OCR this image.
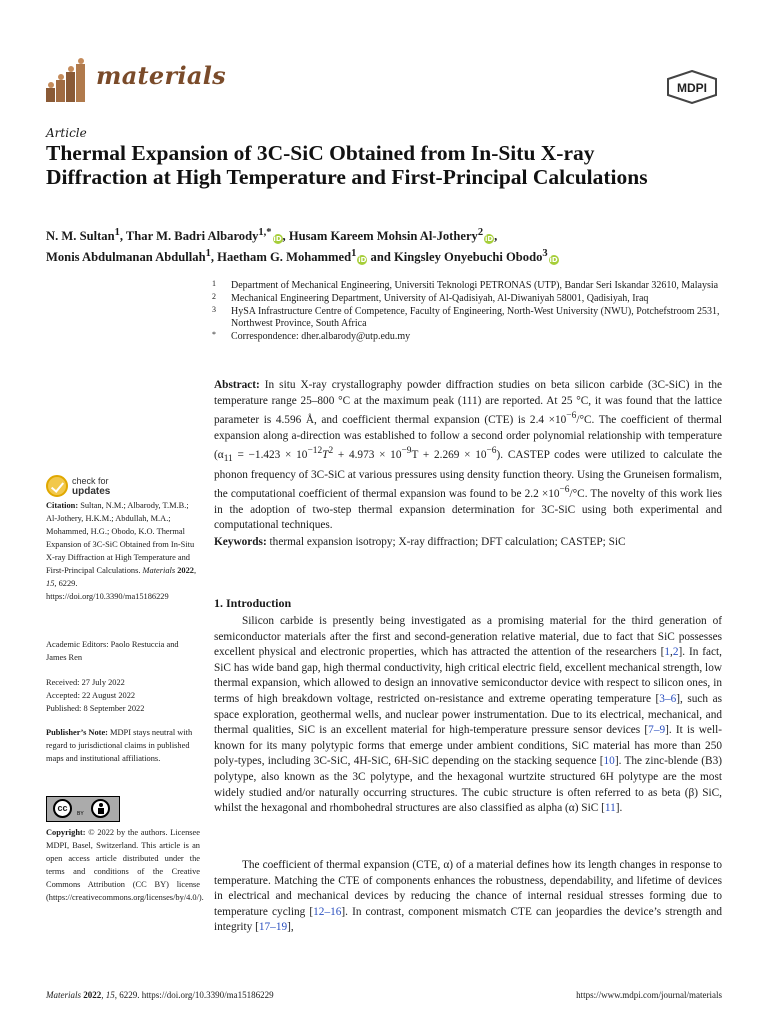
materials	MDPI
Article
Thermal Expansion of 3C-SiC Obtained from In-Situ X-ray Diffraction at High Temperature and First-Principal Calculations
N. M. Sultan$^1$, Thar M. Badri Albarody$^{1,*}$iD, Husam Kareem Mohsin Al-Jothery$^2$iD,
Monis Abdulmanan Abdullah$^1$, Haetham G. Mohammed$^1$iD and Kingsley Onyebuchi Obodo$^3$iD
1 Department of Mechanical Engineering, Universiti Teknologi PETRONAS (UTP), Bandar Seri Iskandar 32610, Malaysia
2 Mechanical Engineering Department, University of Al-Qadisiyah, Al-Diwaniyah 58001, Qadisiyah, Iraq
3 HySA Infrastructure Centre of Competence, Faculty of Engineering, North-West University (NWU), Potchefstroom 2531, Northwest Province, South Africa
* Correspondence: dher.albarody@utp.edu.my
Abstract: In situ X-ray crystallography powder diffraction studies on beta silicon carbide (3C-SiC) in the temperature range 25–800 °C at the maximum peak (111) are reported. At 25 °C, it was found that the lattice parameter is 4.596 Å, and coefficient thermal expansion (CTE) is $2.4 \times 10^{-6}/^\circ C$. The coefficient of thermal expansion along a-direction was established to follow a second order polynomial relationship with temperature $(\alpha_{11} = -1.423 \times 10^{-12}T^2 + 4.973 \times 10^{-9}T + 2.269 \times 10^{-6})$. CASTEP codes were utilized to calculate the phonon frequency of 3C-SiC at various pressures using density function theory. Using the Gruneisen formalism, the computational coefficient of thermal expansion was found to be $2.2 \times 10^{-6}/^\circ C$. The novelty of this work lies in the adoption of two-step thermal expansion determination for 3C-SiC using both experimental and computational techniques.
Keywords: thermal expansion isotropy; X-ray diffraction; DFT calculation; CASTEP; SiC
check for
updates
Citation: Sultan, N.M.; Albarody, T.M.B.; Al-Jothery, H.K.M.; Abdullah, M.A.; Mohammed, H.G.; Obodo, K.O. Thermal Expansion of 3C-SiC Obtained from In-Situ X-ray Diffraction at High Temperature and First-Principal Calculations. Materials 2022, 15, 6229. https://doi.org/10.3390/ma15186229
Academic Editors: Paolo Restuccia and James Ren
Received: 27 July 2022
Accepted: 22 August 2022
Published: 8 September 2022
Publisher’s Note: MDPI stays neutral with regard to jurisdictional claims in published maps and institutional affiliations.
cc
BY
Copyright: © 2022 by the authors. Licensee MDPI, Basel, Switzerland. This article is an open access article distributed under the terms and conditions of the Creative Commons Attribution (CC BY) license (https://creativecommons.org/licenses/by/4.0/).
1. Introduction

Silicon carbide is presently being investigated as a promising material for the third generation of semiconductor materials after the first and second-generation relative material, due to fact that SiC possesses excellent physical and electronic properties, which has attracted the attention of the researchers [1,2]. In fact, SiC has wide band gap, high thermal conductivity, high critical electric field, excellent mechanical strength, low thermal expansion, which allowed to design an innovative semiconductor device with respect to silicon ones, in terms of high breakdown voltage, restricted on-resistance and extreme operating temperature [3–6], such as space exploration, geothermal wells, and nuclear power instrumentation. Due to its electrical, mechanical, and thermal qualities, SiC is an excellent material for high-temperature pressure sensor devices [7–9]. It is well-known for its many polytypic forms that emerge under ambient conditions, SiC material has more than 250 poly-types, including 3C-SiC, 4H-SiC, 6H-SiC depending on the stacking sequence [10]. The zinc-blende (B3) polytype, also known as the 3C polytype, and the hexagonal wurtzite structured 6H polytype are the most widely studied and/or naturally occurring structures. The cubic structure is often referred to as beta (β) SiC, whilst the hexagonal and rhombohedral structures are also classified as alpha (α) SiC [11].

The coefficient of thermal expansion (CTE, α) of a material defines how its length changes in response to temperature. Matching the CTE of components enhances the robustness, dependability, and lifetime of devices in electrical and mechanical devices by reducing the chance of internal residual stresses forming due to temperature cycling [12–16]. In contrast, component mismatch CTE can jeopardies the device’s strength and integrity [17–19],

Materials 2022, 15, 6229. https://doi.org/10.3390/ma15186229	https://www.mdpi.com/journal/materials
